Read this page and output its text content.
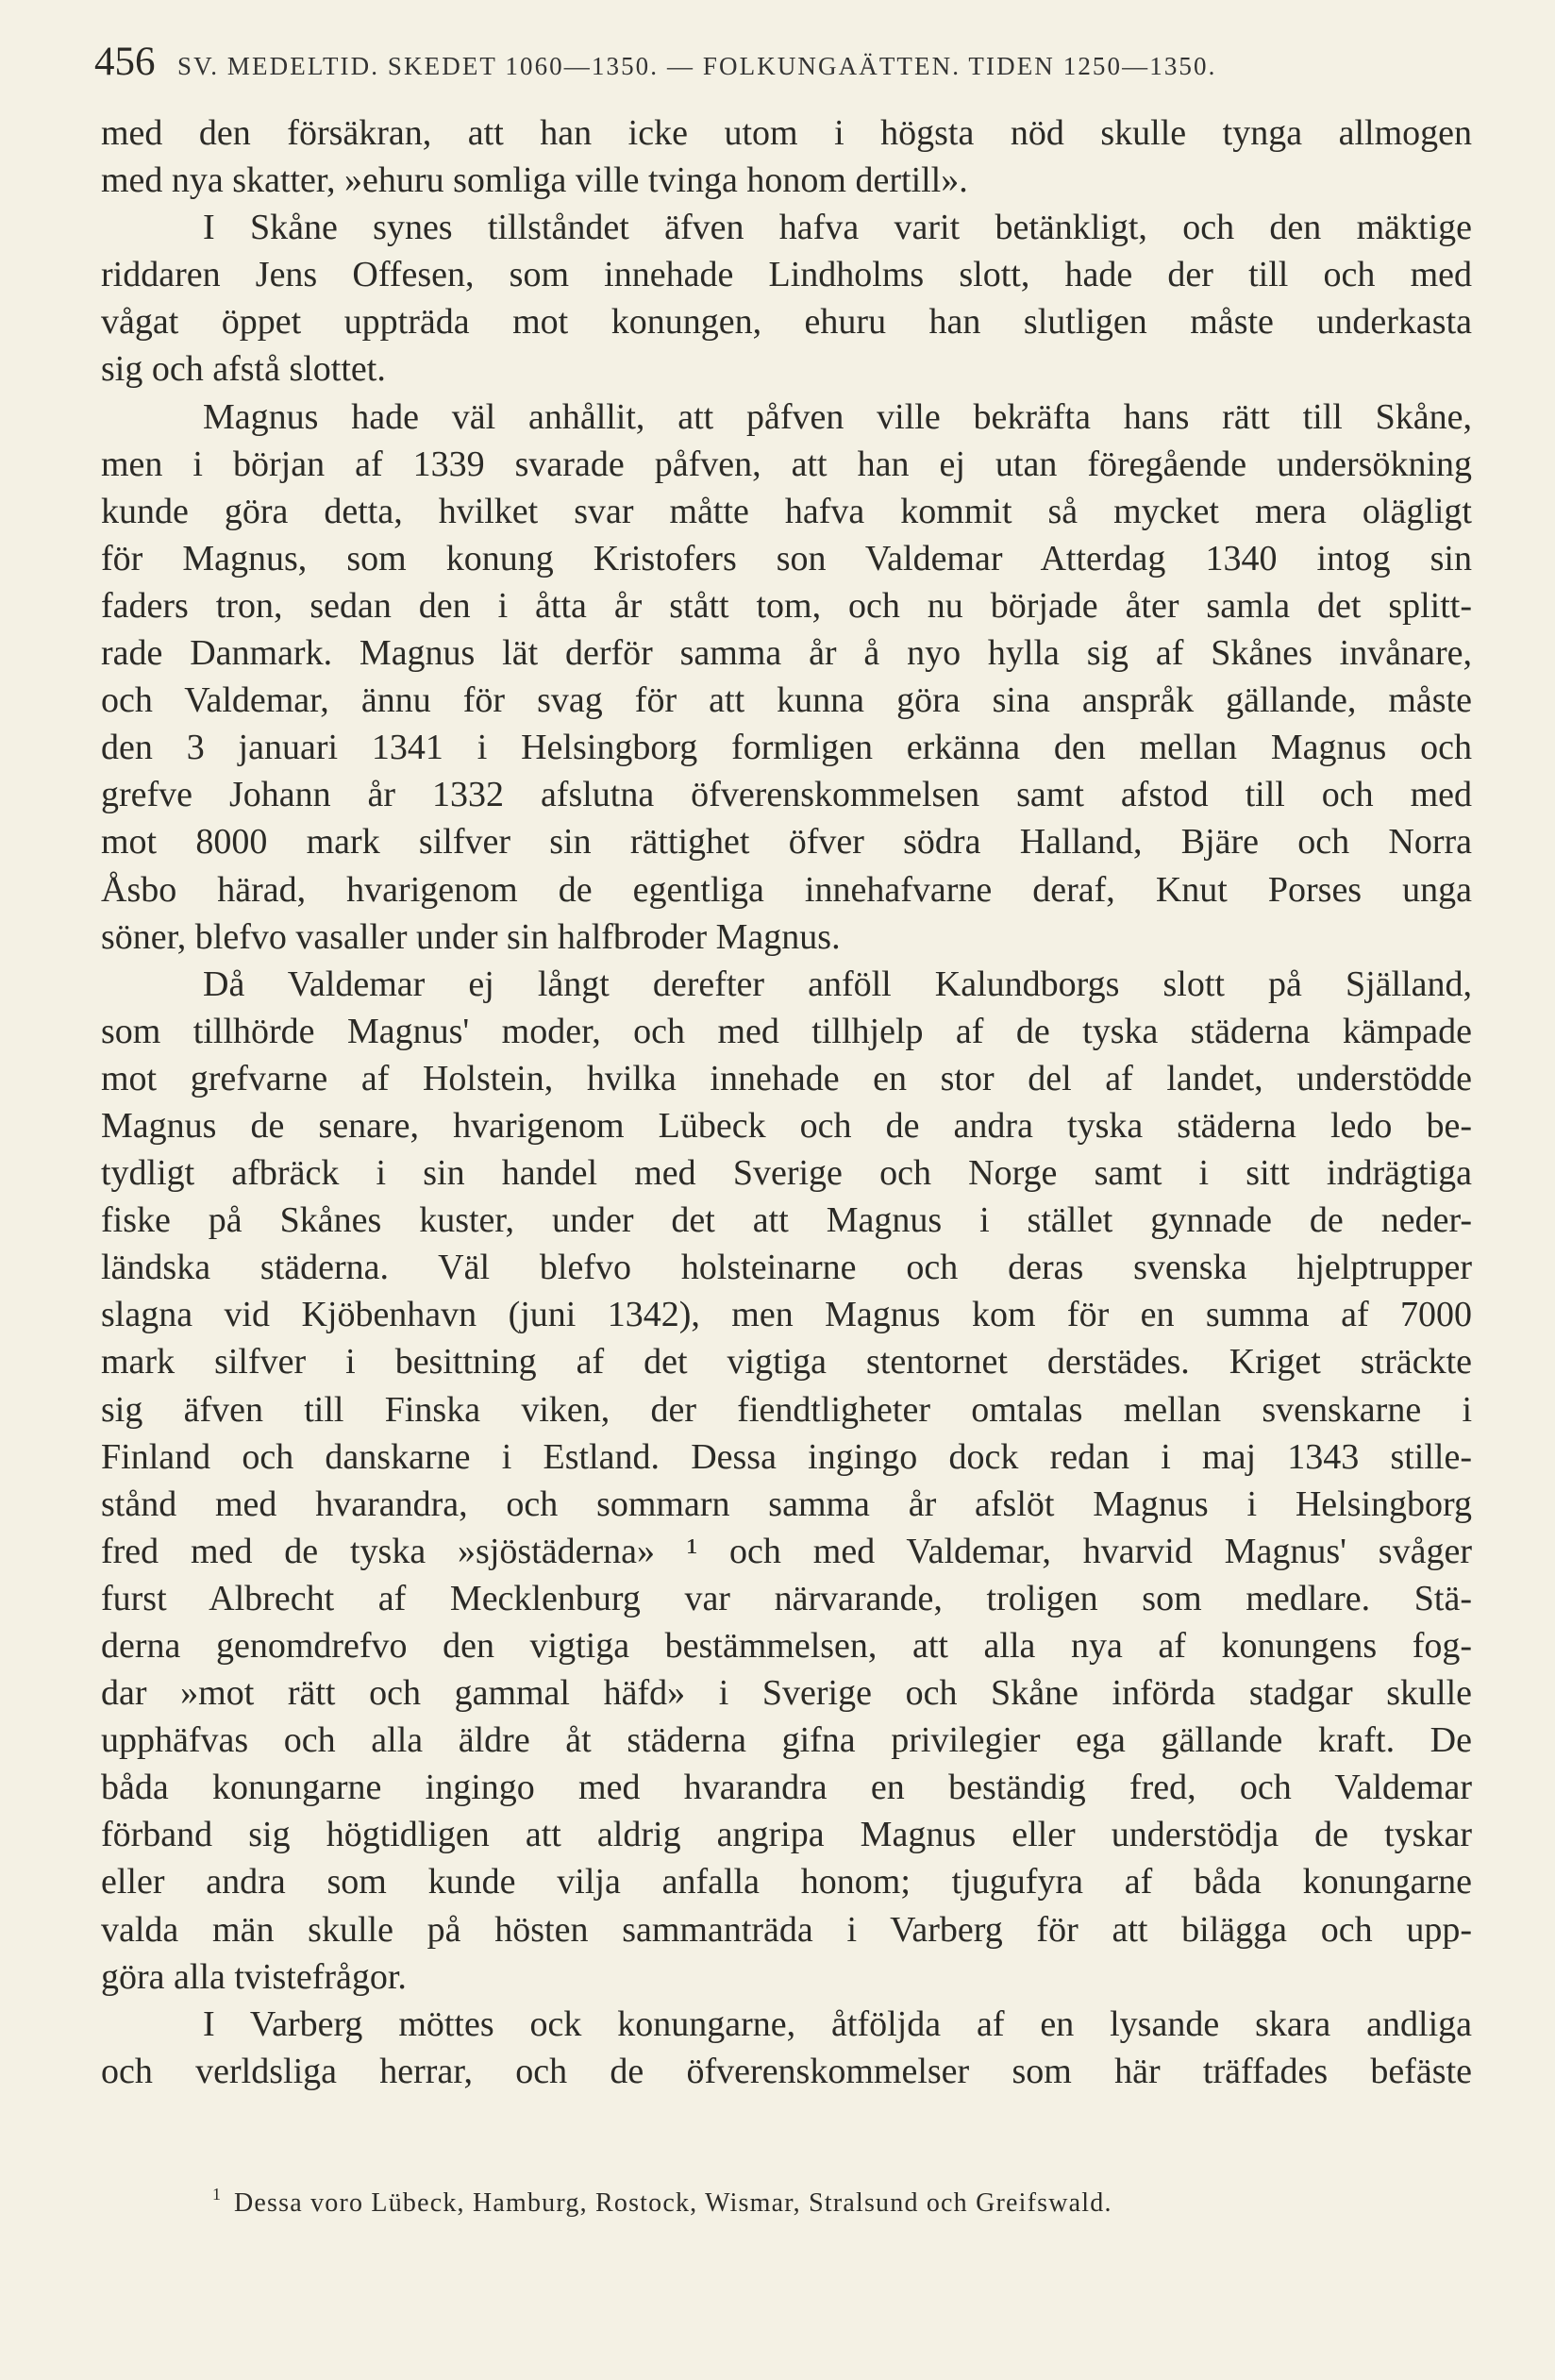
456 SV. MEDELTID. SKEDET 1060—1350. — FOLKUNGAÄTTEN. TIDEN 1250—1350.
med den försäkran, att han icke utom i högsta nöd skulle tynga allmogen
med nya skatter, »ehuru somliga ville tvinga honom dertill».
I Skåne synes tillståndet äfven hafva varit betänkligt, och den mäktige
riddaren Jens Offesen, som innehade Lindholms slott, hade der till och med
vågat öppet uppträda mot konungen, ehuru han slutligen måste underkasta
sig och afstå slottet.
Magnus hade väl anhållit, att påfven ville bekräfta hans rätt till Skåne,
men i början af 1339 svarade påfven, att han ej utan föregående undersökning
kunde göra detta, hvilket svar måtte hafva kommit så mycket mera olägligt
för Magnus, som konung Kristofers son Valdemar Atterdag 1340 intog sin
faders tron, sedan den i åtta år stått tom, och nu började åter samla det splitt-
rade Danmark. Magnus lät derför samma år å nyo hylla sig af Skånes invånare,
och Valdemar, ännu för svag för att kunna göra sina anspråk gällande, måste
den 3 januari 1341 i Helsingborg formligen erkänna den mellan Magnus och
grefve Johann år 1332 afslutna öfverenskommelsen samt afstod till och med
mot 8000 mark silfver sin rättighet öfver södra Halland, Bjäre och Norra
Åsbo härad, hvarigenom de egentliga innehafvarne deraf, Knut Porses unga
söner, blefvo vasaller under sin halfbroder Magnus.
Då Valdemar ej långt derefter anföll Kalundborgs slott på Själland,
som tillhörde Magnus' moder, och med tillhjelp af de tyska städerna kämpade
mot grefvarne af Holstein, hvilka innehade en stor del af landet, understödde
Magnus de senare, hvarigenom Lübeck och de andra tyska städerna ledo be-
tydligt afbräck i sin handel med Sverige och Norge samt i sitt indrägtiga
fiske på Skånes kuster, under det att Magnus i stället gynnade de neder-
ländska städerna. Väl blefvo holsteinarne och deras svenska hjelptrupper
slagna vid Kjöbenhavn (juni 1342), men Magnus kom för en summa af 7000
mark silfver i besittning af det vigtiga stentornet derstädes. Kriget sträckte
sig äfven till Finska viken, der fiendtligheter omtalas mellan svenskarne i
Finland och danskarne i Estland. Dessa ingingo dock redan i maj 1343 stille-
stånd med hvarandra, och sommarn samma år afslöt Magnus i Helsingborg
fred med de tyska »sjöstäderna» ¹ och med Valdemar, hvarvid Magnus' svåger
furst Albrecht af Mecklenburg var närvarande, troligen som medlare. Stä-
derna genomdrefvo den vigtiga bestämmelsen, att alla nya af konungens fog-
dar »mot rätt och gammal häfd» i Sverige och Skåne införda stadgar skulle
upphäfvas och alla äldre åt städerna gifna privilegier ega gällande kraft. De
båda konungarne ingingo med hvarandra en beständig fred, och Valdemar
förband sig högtidligen att aldrig angripa Magnus eller understödja de tyskar
eller andra som kunde vilja anfalla honom; tjugufyra af båda konungarne
valda män skulle på hösten sammanträda i Varberg för att bilägga och upp-
göra alla tvistefrågor.
I Varberg möttes ock konungarne, åtföljda af en lysande skara andliga
och verldsliga herrar, och de öfverenskommelser som här träffades befäste
$^1$ Dessa voro Lübeck, Hamburg, Rostock, Wismar, Stralsund och Greifswald.
